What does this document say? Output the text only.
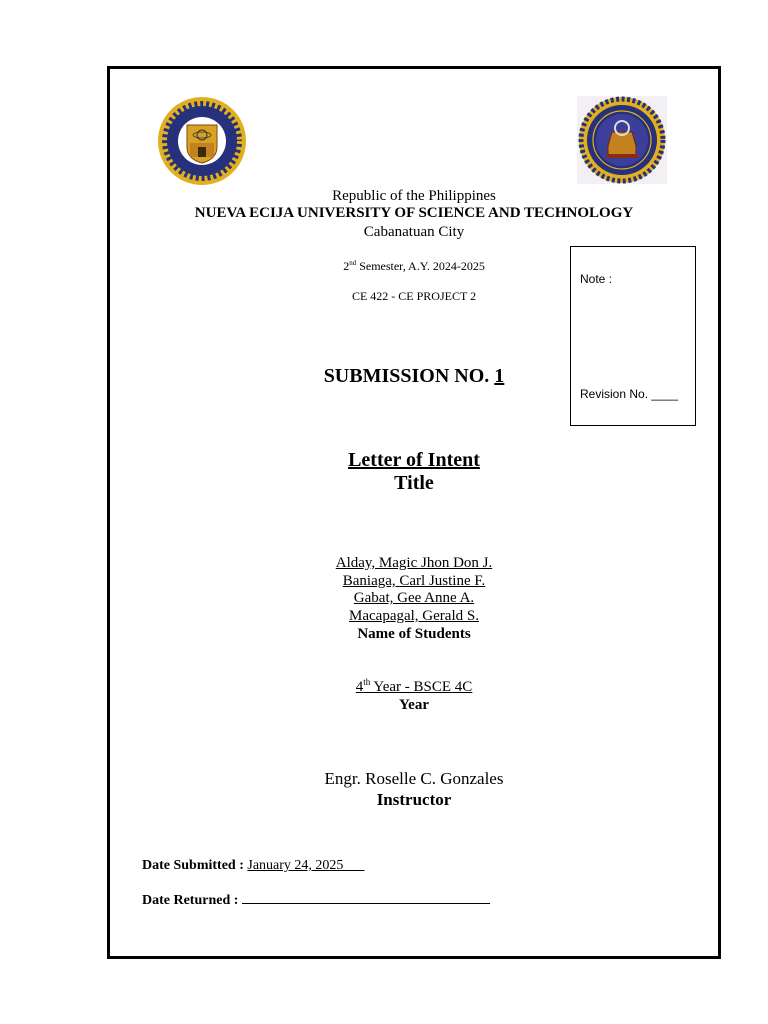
Republic of the Philippines
NUEVA ECIJA UNIVERSITY OF SCIENCE AND TECHNOLOGY
Cabanatuan City
2nd Semester, A.Y. 2024-2025
CE 422 - CE PROJECT 2
SUBMISSION NO. 1
Letter of Intent
Title
Alday, Magic Jhon Don J.
Baniaga, Carl Justine F.
Gabat, Gee Anne A.
Macapagal, Gerald S.
Name of Students
4th Year - BSCE 4C
Year
Engr. Roselle C. Gonzales
Instructor
Note :
Revision No. ____
Date Submitted : January 24, 2025
Date Returned :
